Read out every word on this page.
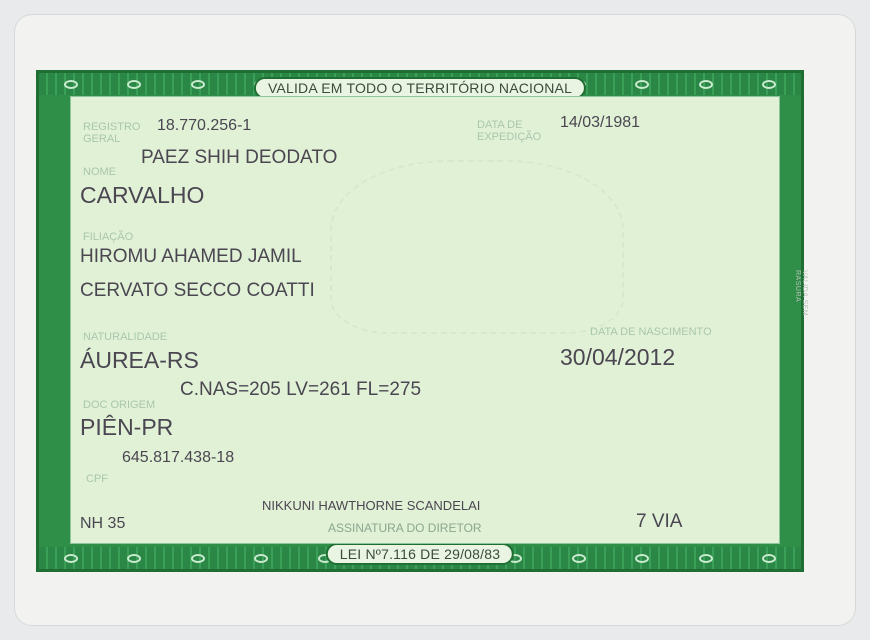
VALIDA EM TODO O TERRITÓRIO NACIONAL
LEI Nº7.116 DE 29/08/83
VALIDA SEM RASURA
REGISTRO
GERAL
18.770.256-1	DATA DE
EXPEDIÇÃO
14/03/1981
PAEZ SHIH DEODATO
NOME
CARVALHO
FILIAÇÃO
HIROMU AHAMED JAMIL
CERVATO SECCO COATTI
NATURALIDADE
ÁUREA-RS
DATA DE NASCIMENTO
30/04/2012
C.NAS=205 LV=261 FL=275
DOC ORIGEM
PIÊN-PR
645.817.438-18
CPF
NIKKUNI HAWTHORNE SCANDELAI
ASSINATURA DO DIRETOR
NH 35	7 VIA
